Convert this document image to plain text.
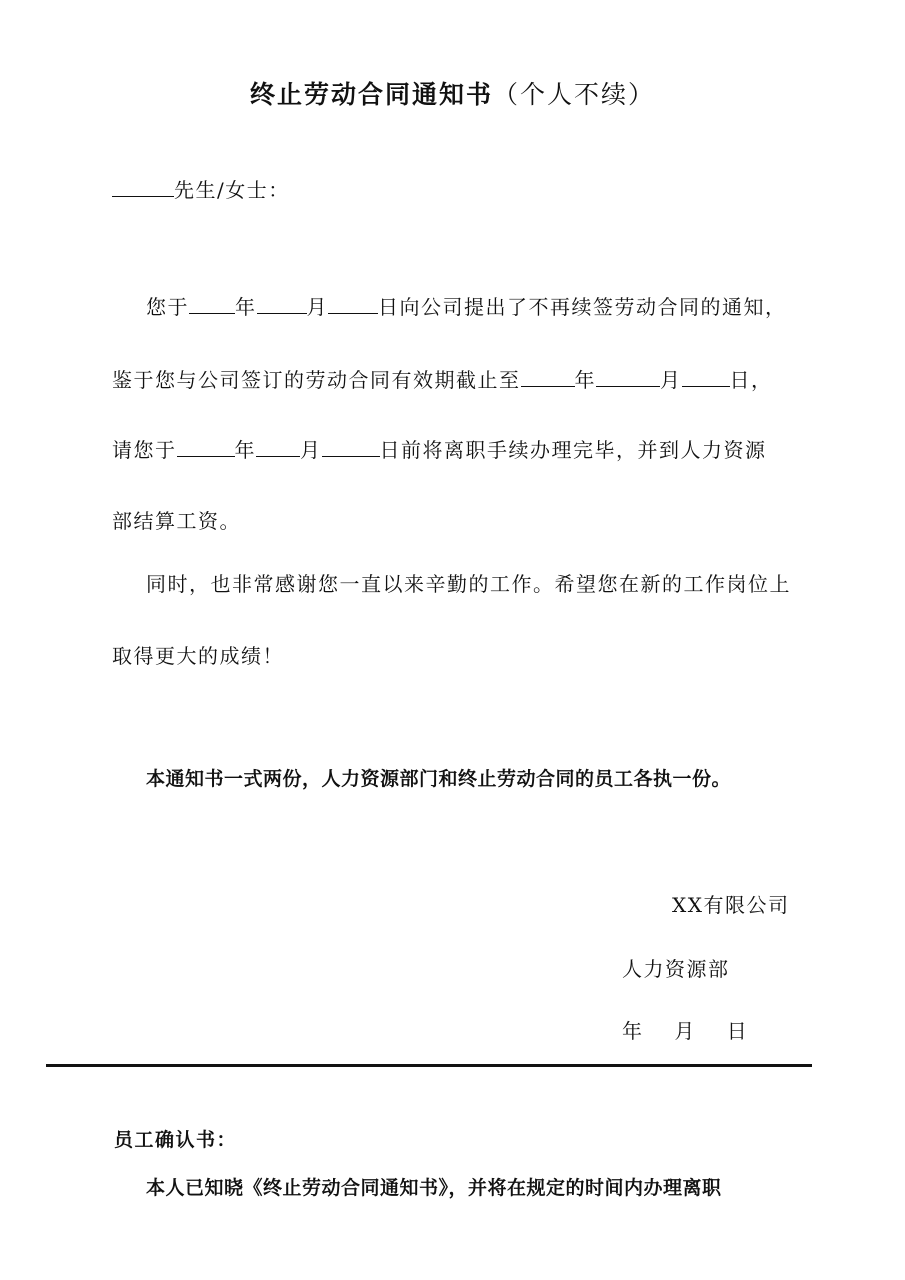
终止劳动合同通知书（个人不续）
先生/女士：
您于 年	月	日向公司提出了不再续签劳动合同的通知，
鉴于您与公司签订的劳动合同有效期截止至	年	月 日，
请您于	年 月	日前将离职手续办理完毕，并到人力资源
部结算工资。
同时，也非常感谢您一直以来辛勤的工作。希望您在新的工作岗位上
取得更大的成绩！
本通知书一式两份，人力资源部门和终止劳动合同的员工各执一份。
XX有限公司
人力资源部
年　 月　 日
员工确认书：
本人已知晓《终止劳动合同通知书》，并将在规定的时间内办理离职
